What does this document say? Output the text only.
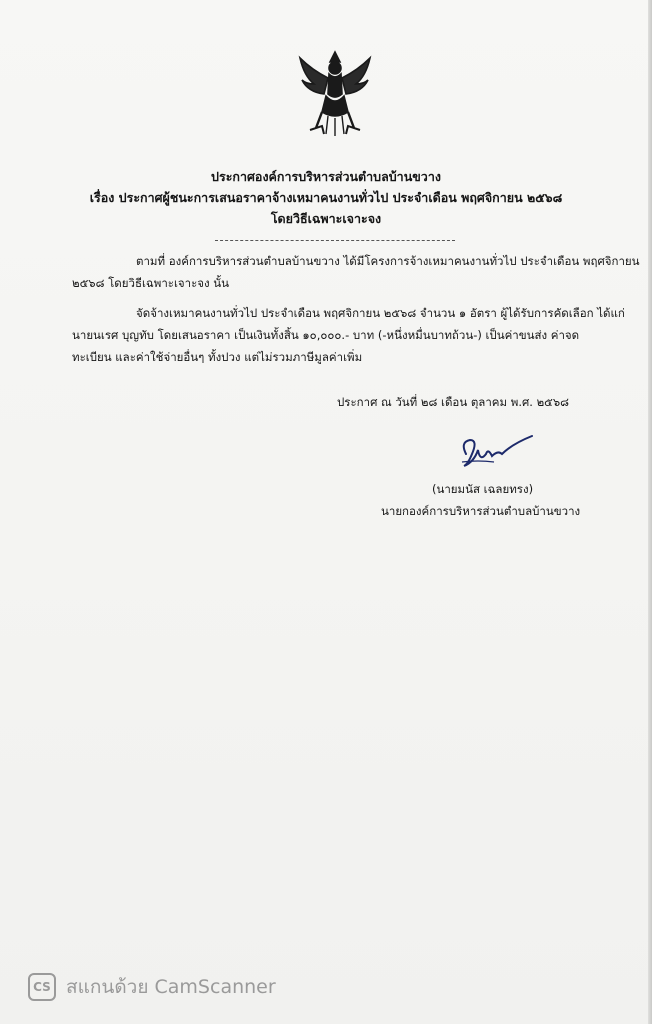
ประกาศองค์การบริหารส่วนตำบลบ้านขวาง
เรื่อง ประกาศผู้ชนะการเสนอราคาจ้างเหมาคนงานทั่วไป ประจำเดือน พฤศจิกายน ๒๕๖๘
โดยวิธีเฉพาะเจาะจง
ตามที่ องค์การบริหารส่วนตำบลบ้านขวาง ได้มีโครงการจ้างเหมาคนงานทั่วไป ประจำเดือน พฤศจิกายน
๒๕๖๘ โดยวิธีเฉพาะเจาะจง นั้น
จัดจ้างเหมาคนงานทั่วไป ประจำเดือน พฤศจิกายน ๒๕๖๘ จำนวน ๑ อัตรา ผู้ได้รับการคัดเลือก ได้แก่
นายนเรศ บุญทับ โดยเสนอราคา เป็นเงินทั้งสิ้น ๑๐,๐๐๐.- บาท (-หนึ่งหมื่นบาทถ้วน-) เป็นค่าขนส่ง ค่าจด
ทะเบียน และค่าใช้จ่ายอื่นๆ ทั้งปวง แต่ไม่รวมภาษีมูลค่าเพิ่ม
ประกาศ ณ วันที่ ๒๘ เดือน ตุลาคม พ.ศ. ๒๕๖๘
(นายมนัส เฉลยทรง)
นายกองค์การบริหารส่วนตำบลบ้านขวาง
CS สแกนด้วย CamScanner
